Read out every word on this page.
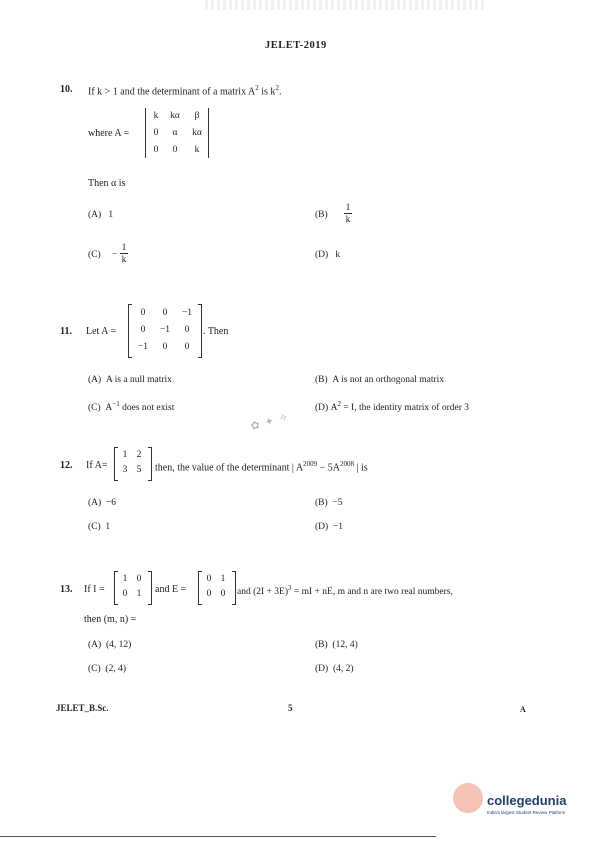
JELET-2019
10. If k > 1 and the determinant of a matrix $A^2$ is $k^2$.
where A =
k	kα	β
0	α	kα
0	0	k
Then α is
(A) 1	(B)
1
k
(C) −
1
k	(D) k
11. Let A =
0	0	−1
0	−1	0
−1	0	0
. Then
(A) A is a null matrix	(B) A is not an orthogonal matrix
(C) $A^{-1}$ does not exist	(D) $A^2 = I$, the identity matrix of order 3
✿ ✦ ✧
12. If A=
1 2
3 5	then, the value of the determinant | $A^{2009} - 5A^{2008}$ | is
(A) −6	(B) −5
(C) 1	(D) −1
13. If I =
1 0
0 1	and E =
0 1
0 0	and $(2I + 3E)^3$ = mI + nE, m and n are two real numbers,
then (m, n) =
(A) (4, 12)	(B) (12, 4)
(C) (2, 4)	(D) (4, 2)
JELET_B.Sc.	5	A
collegedunia
India's largest Student Review Platform
